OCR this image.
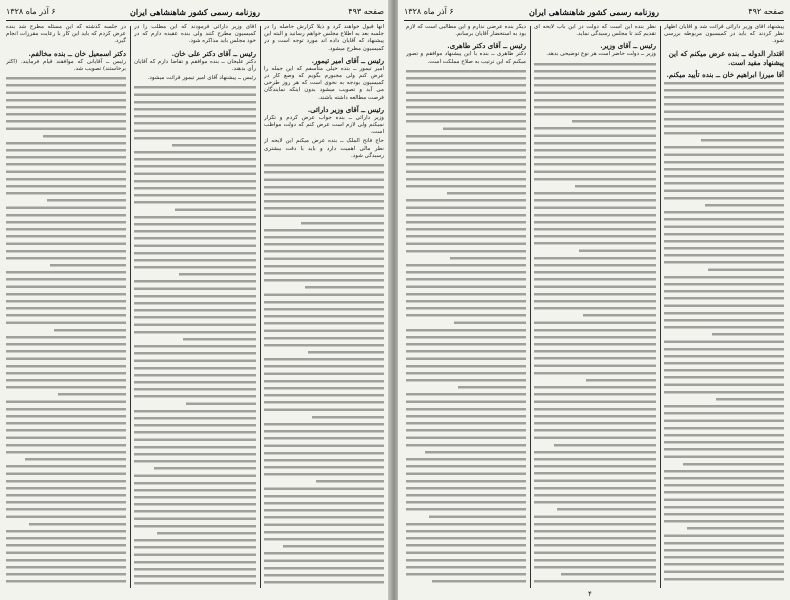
صفحه ۴۹۳
روزنامه رسمی کشور شاهنشاهی ایران
۶ آذر ماه ۱۳۲۸

آنها قبول خواهند کرد و ذیلاً گزارش حاصله را در جلسه بعد به اطلاع مجلس خواهم رسانید و البته این پیشنهاد که آقایان داده اند مورد توجه است و در کمیسیون مطرح میشود.

رئیس ــ آقای امیر تیمور.

امیر تیمور ــ بنده خیلی متأسفم که این جمله را عرض کنم ولی مجبورم بگویم که وضع کار در کمیسیون بودجه به نحوی است که هر روز طرحی می آید و تصویب میشود بدون اینکه نمایندگان فرصت مطالعه داشته باشند.

رئیس ــ آقای وزیر دارائی.

وزیر دارائی ــ بنده جواب عرض کردم و تکرار نمیکنم ولی لازم است عرض کنم که دولت مواظب است.

حاج فاتح الملک ــ بنده عرض میکنم این لایحه از نظر مالی اهمیت دارد و باید با دقت بیشتری رسیدگی شود.

آقای وزیر دارائی فرمودند که این مطلب را در کمیسیون مطرح کنند ولی بنده عقیده دارم که در خود مجلس باید مذاکره شود.

رئیس ــ آقای دکتر علی خان.

دکتر علیخان ــ بنده موافقم و تقاضا دارم که آقایان رأی بدهند.

رئیس ــ پیشنهاد آقای امیر تیمور قرائت میشود.

در جلسه گذشته که این مسئله مطرح شد بنده عرض کردم که باید این کار با رعایت مقررات انجام گیرد.

دکتر اسمعیل خان ــ بنده مخالفم.

رئیس ــ آقایانی که موافقند قیام فرمایند. (اکثر برخاستند) تصویب شد.

صفحه ۴۹۲
روزنامه رسمی کشور شاهنشاهی ایران
۶ آذر ماه ۱۳۲۸

پیشنهاد آقای وزیر دارائی قرائت شد و آقایان اظهار نظر کردند که باید در کمیسیون مربوطه بررسی شود.

اقتدار الدوله ــ بنده عرض میکنم که این پیشنهاد مفید است.

آقا میرزا ابراهیم خان ــ بنده تأیید میکنم.

نظر بنده این است که دولت در این باب لایحه ای تقدیم کند تا مجلس رسیدگی نماید.

رئیس ــ آقای وزیر.

وزیر ــ دولت حاضر است هر نوع توضیحی بدهد.

دیگر بنده عرضی ندارم و این مطالبی است که لازم بود به استحضار آقایان برسانم.

رئیس ــ آقای دکتر طاهری.

دکتر طاهری ــ بنده با این پیشنهاد موافقم و تصور میکنم که این ترتیب به صلاح مملکت است.

۴
